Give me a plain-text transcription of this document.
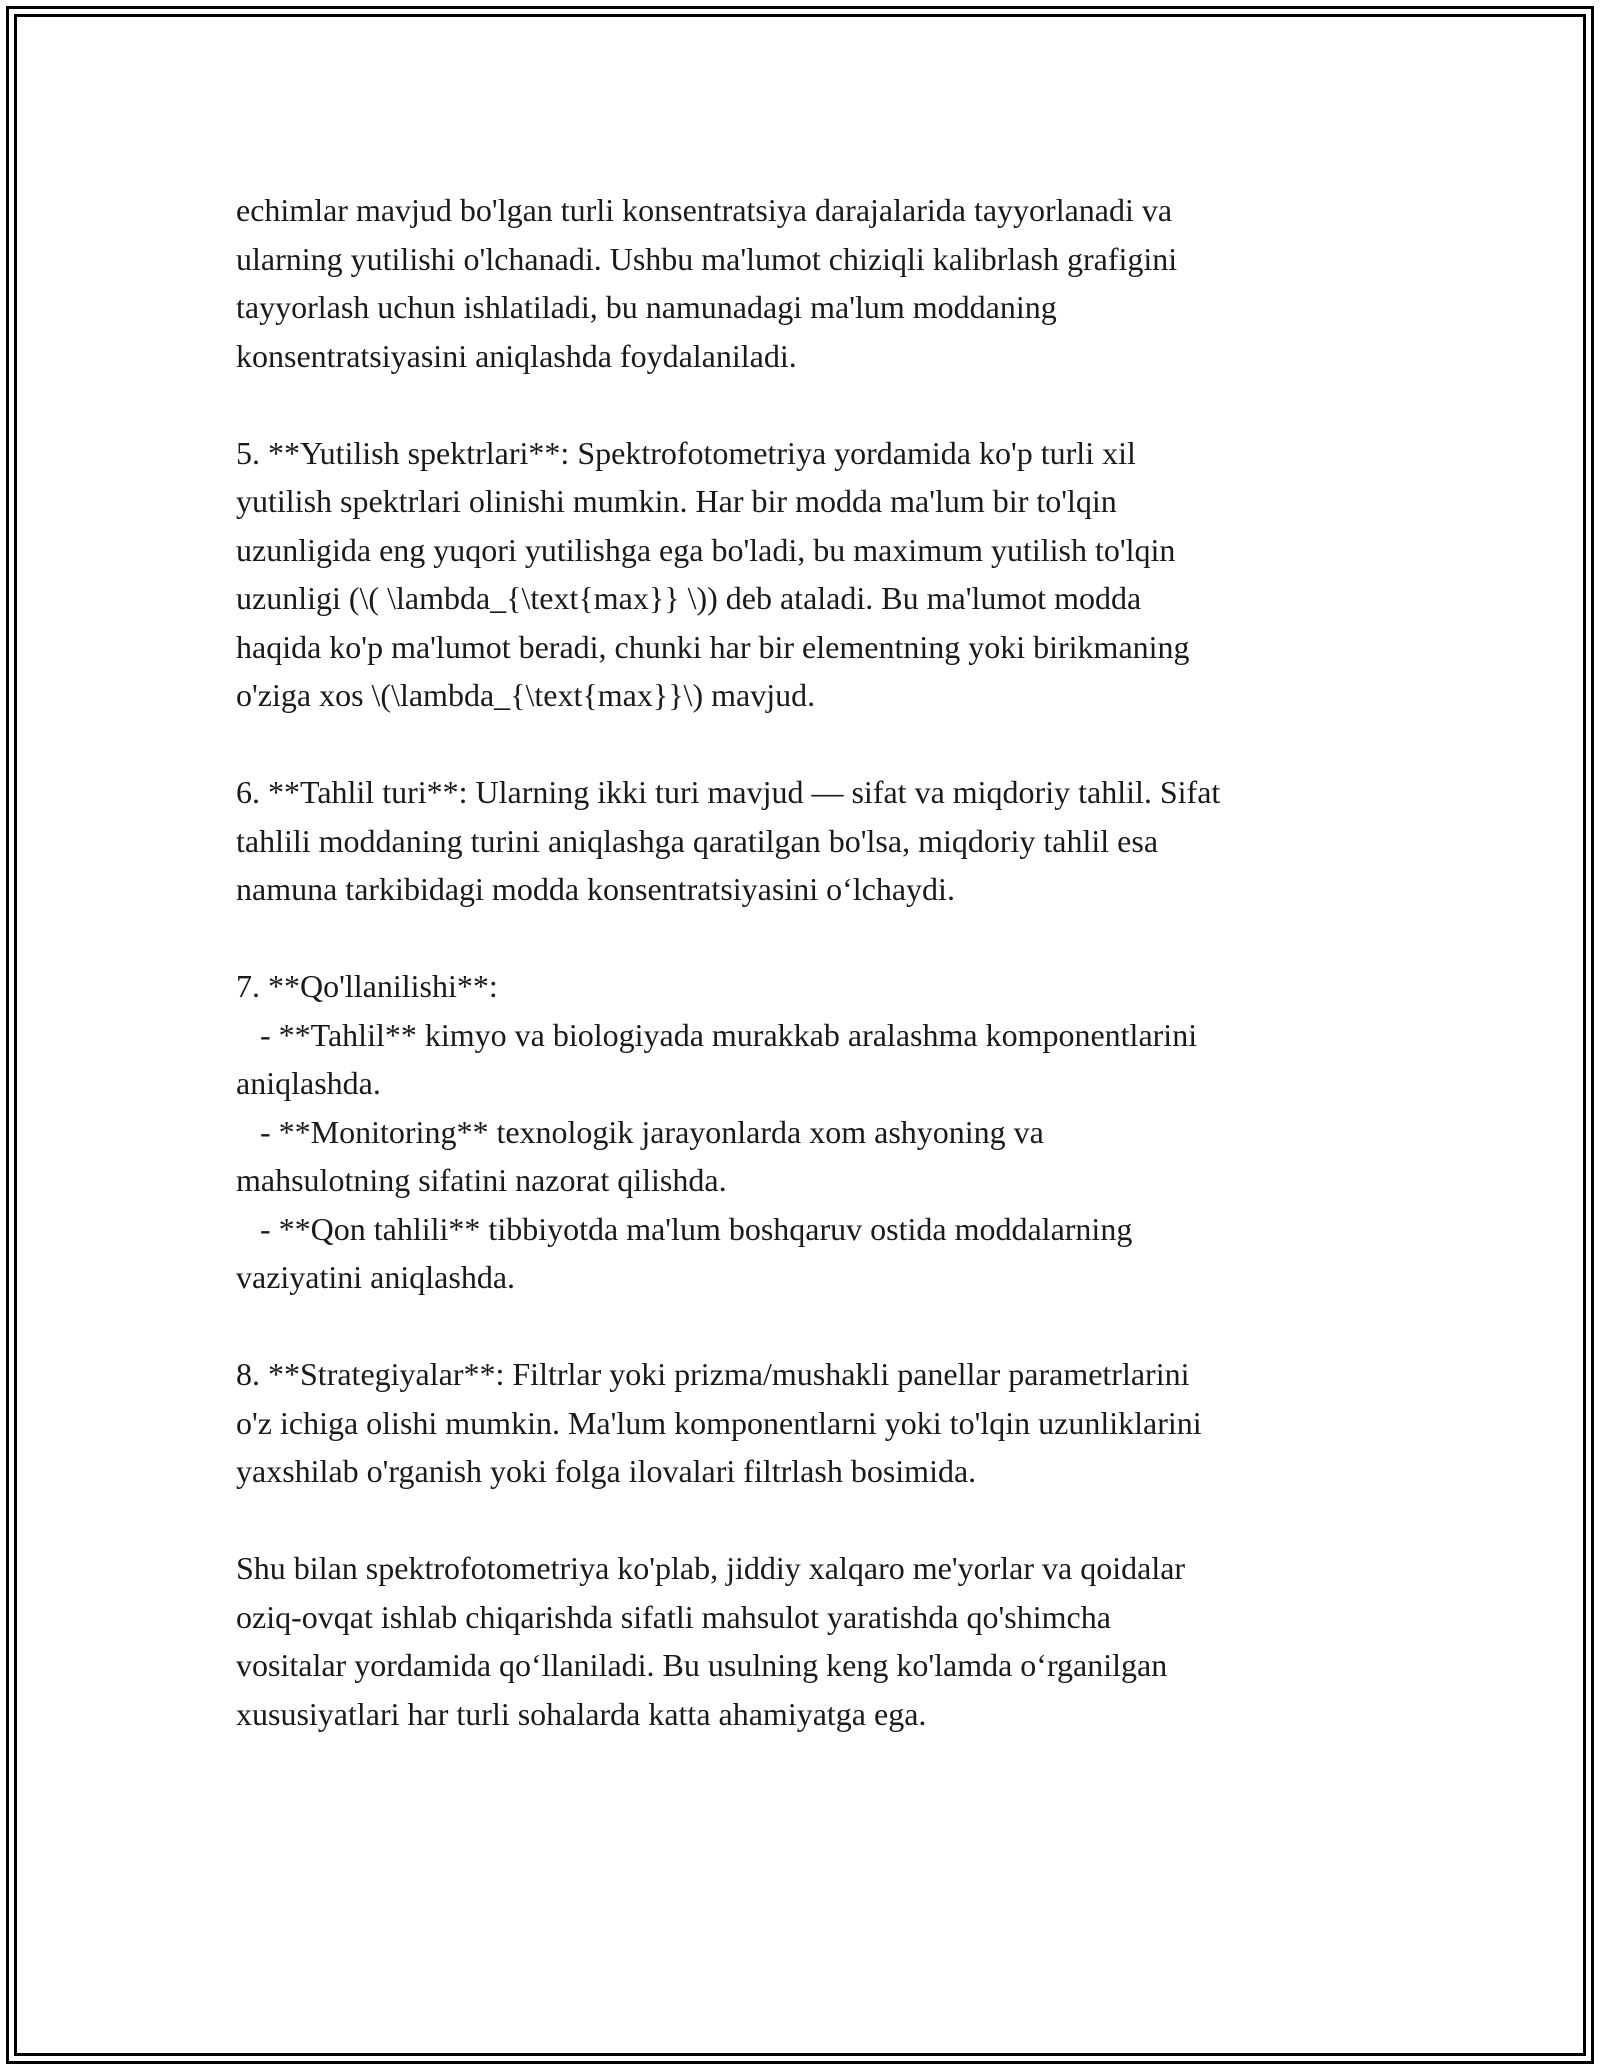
echimlar mavjud bo'lgan turli konsentratsiya darajalarida tayyorlanadi va
ularning yutilishi o'lchanadi. Ushbu ma'lumot chiziqli kalibrlash grafigini
tayyorlash uchun ishlatiladi, bu namunadagi ma'lum moddaning
konsentratsiyasini aniqlashda foydalaniladi.
5. **Yutilish spektrlari**: Spektrofotometriya yordamida ko'p turli xil
yutilish spektrlari olinishi mumkin. Har bir modda ma'lum bir to'lqin
uzunligida eng yuqori yutilishga ega bo'ladi, bu maximum yutilish to'lqin
uzunligi (\( \lambda_{\text{max}} \)) deb ataladi. Bu ma'lumot modda
haqida ko'p ma'lumot beradi, chunki har bir elementning yoki birikmaning
o'ziga xos \(\lambda_{\text{max}}\) mavjud.
6. **Tahlil turi**: Ularning ikki turi mavjud — sifat va miqdoriy tahlil. Sifat
tahlili moddaning turini aniqlashga qaratilgan bo'lsa, miqdoriy tahlil esa
namuna tarkibidagi modda konsentratsiyasini o‘lchaydi.
7. **Qo'llanilishi**:
- **Tahlil** kimyo va biologiyada murakkab aralashma komponentlarini
aniqlashda.
- **Monitoring** texnologik jarayonlarda xom ashyoning va
mahsulotning sifatini nazorat qilishda.
- **Qon tahlili** tibbiyotda ma'lum boshqaruv ostida moddalarning
vaziyatini aniqlashda.
8. **Strategiyalar**: Filtrlar yoki prizma/mushakli panellar parametrlarini
o'z ichiga olishi mumkin. Ma'lum komponentlarni yoki to'lqin uzunliklarini
yaxshilab o'rganish yoki folga ilovalari filtrlash bosimida.
Shu bilan spektrofotometriya ko'plab, jiddiy xalqaro me'yorlar va qoidalar
oziq-ovqat ishlab chiqarishda sifatli mahsulot yaratishda qo'shimcha
vositalar yordamida qo‘llaniladi. Bu usulning keng ko'lamda o‘rganilgan
xususiyatlari har turli sohalarda katta ahamiyatga ega.
